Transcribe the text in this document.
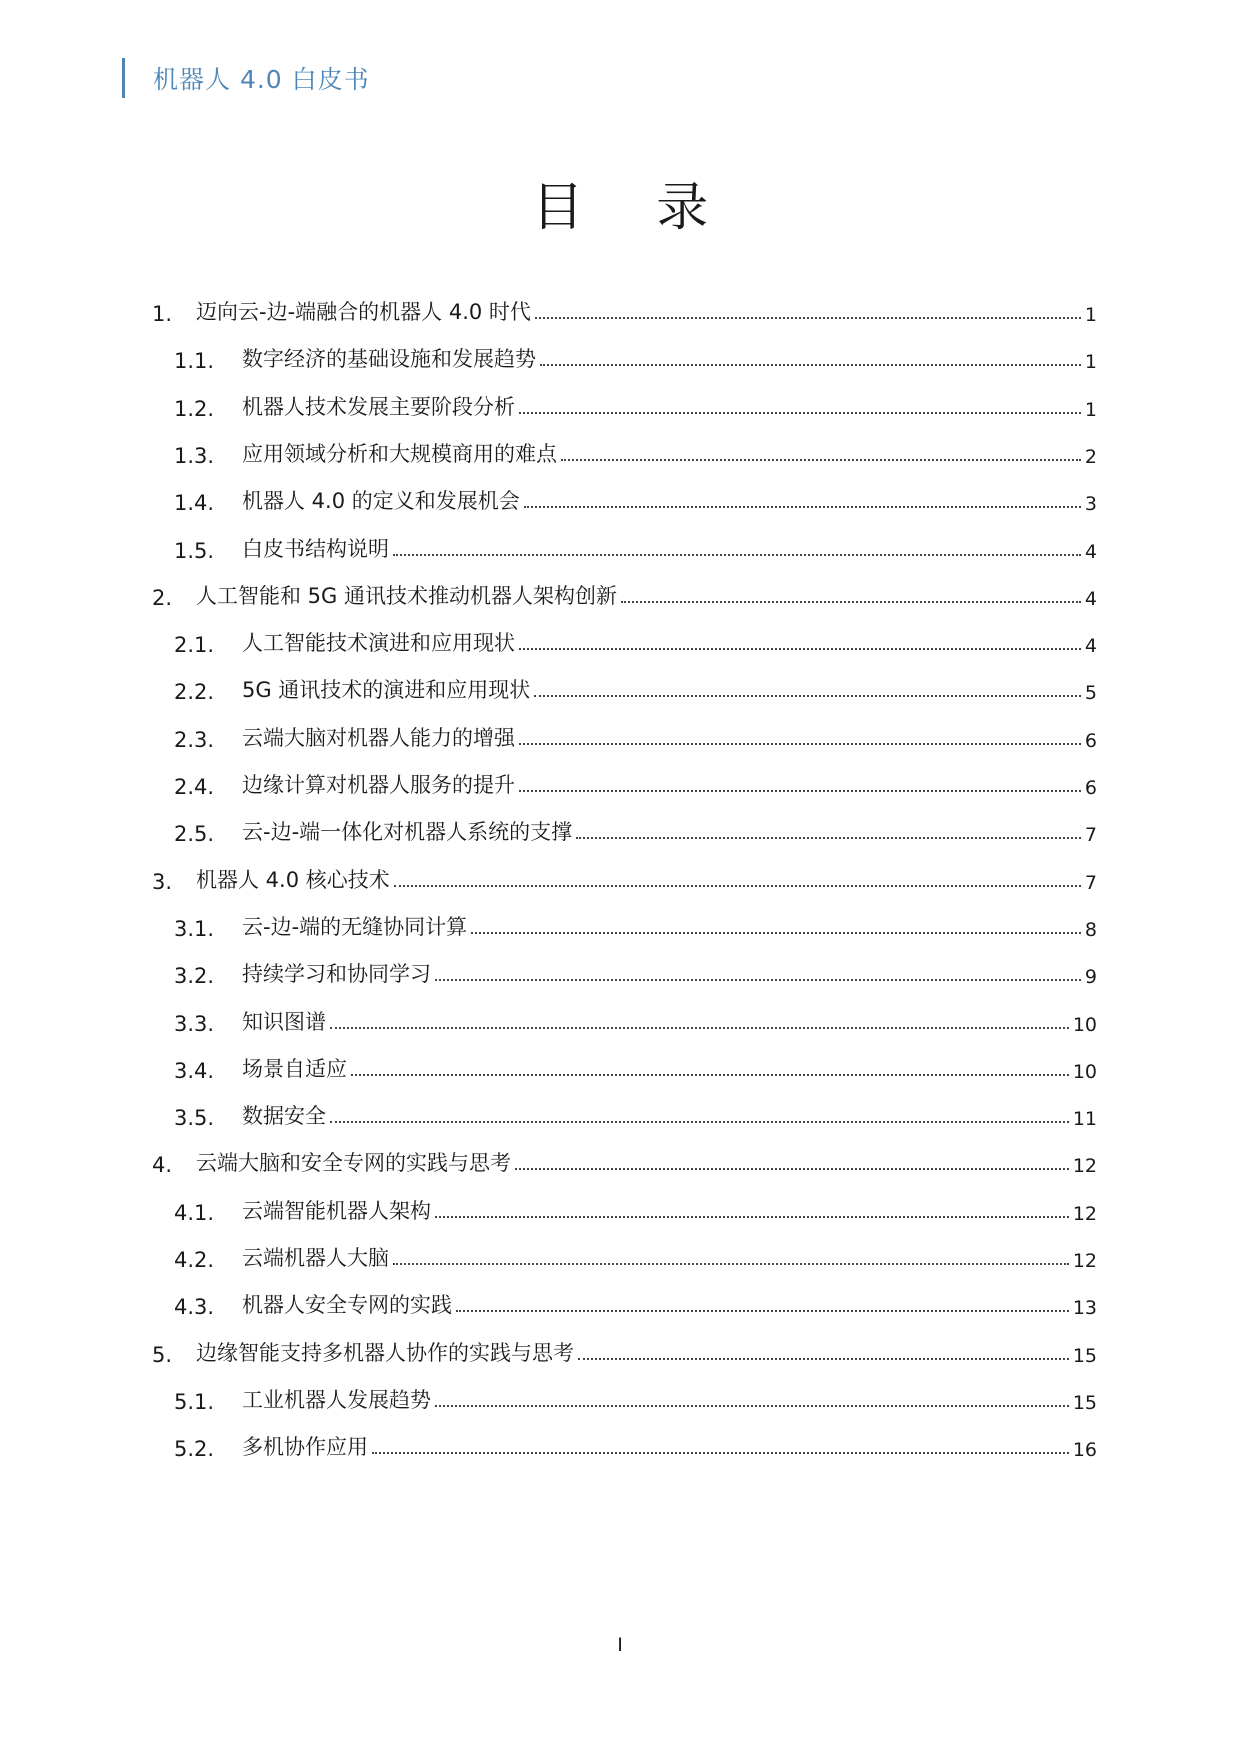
机器人 4.0 白皮书
目 录
1.	迈向云-边-端融合的机器人 4.0 时代	1
1.1.	数字经济的基础设施和发展趋势	1
1.2.	机器人技术发展主要阶段分析	1
1.3.	应用领域分析和大规模商用的难点	2
1.4.	机器人 4.0 的定义和发展机会	3
1.5.	白皮书结构说明	4
2.	人工智能和 5G 通讯技术推动机器人架构创新	4
2.1.	人工智能技术演进和应用现状	4
2.2.	5G 通讯技术的演进和应用现状	5
2.3.	云端大脑对机器人能力的增强	6
2.4.	边缘计算对机器人服务的提升	6
2.5.	云-边-端一体化对机器人系统的支撑	7
3.	机器人 4.0 核心技术	7
3.1.	云-边-端的无缝协同计算	8
3.2.	持续学习和协同学习	9
3.3.	知识图谱	10
3.4.	场景自适应	10
3.5.	数据安全	11
4.	云端大脑和安全专网的实践与思考	12
4.1.	云端智能机器人架构	12
4.2.	云端机器人大脑	12
4.3.	机器人安全专网的实践	13
5.	边缘智能支持多机器人协作的实践与思考	15
5.1.	工业机器人发展趋势	15
5.2.	多机协作应用	16
I
